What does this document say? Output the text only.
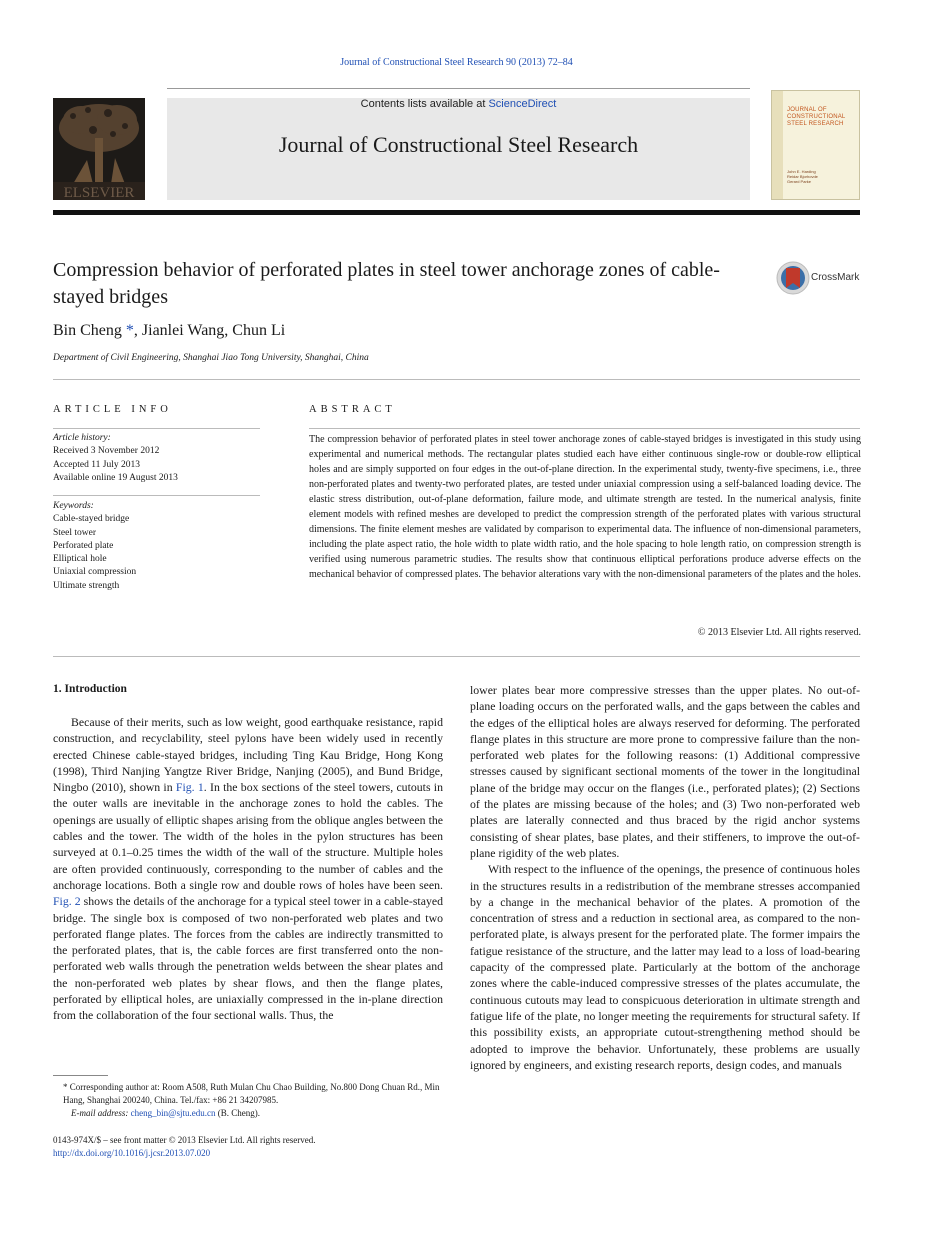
Journal of Constructional Steel Research 90 (2013) 72–84
ELSEVIER
Contents lists available at ScienceDirect
Journal of Constructional Steel Research
JOURNAL OF
CONSTRUCTIONAL
STEEL RESEARCH
John E. Harding
Reidar Bjorhovde
Gerard Parke
Compression behavior of perforated plates in steel tower anchorage zones of cable-stayed bridges
CrossMark
Bin Cheng *, Jianlei Wang, Chun Li
Department of Civil Engineering, Shanghai Jiao Tong University, Shanghai, China
ARTICLE INFO
Article history:
Received 3 November 2012
Accepted 11 July 2013
Available online 19 August 2013
Keywords:
Cable-stayed bridge
Steel tower
Perforated plate
Elliptical hole
Uniaxial compression
Ultimate strength
ABSTRACT
The compression behavior of perforated plates in steel tower anchorage zones of cable-stayed bridges is investigated in this study using experimental and numerical methods. The rectangular plates studied each have either continuous single-row or double-row elliptical holes and are simply supported on four edges in the out-of-plane direction. In the experimental study, twenty-five specimens, i.e., three non-perforated plates and twenty-two perforated plates, are tested under uniaxial compression using a self-balanced loading device. The elastic stress distribution, out-of-plane deformation, failure mode, and ultimate strength are tested. In the numerical analysis, finite element models with refined meshes are developed to predict the compression strength of the perforated plates with various structural dimensions. The finite element meshes are validated by comparison to experimental data. The influence of non-dimensional parameters, including the plate aspect ratio, the hole width to plate width ratio, and the hole spacing to hole length ratio, on compression strength is verified using numerous parametric studies. The results show that continuous elliptical perforations produce adverse effects on the mechanical behavior of compressed plates. The behavior alterations vary with the non-dimensional parameters of the plates and the holes.
© 2013 Elsevier Ltd. All rights reserved.
1. Introduction

Because of their merits, such as low weight, good earthquake resistance, rapid construction, and recyclability, steel pylons have been widely used in recently erected Chinese cable-stayed bridges, including Ting Kau Bridge, Hong Kong (1998), Third Nanjing Yangtze River Bridge, Nanjing (2005), and Bund Bridge, Ningbo (2010), shown in Fig. 1. In the box sections of the steel towers, cutouts in the outer walls are inevitable in the anchorage zones to hold the cables. The openings are usually of elliptic shapes arising from the oblique angles between the cables and the tower. The width of the holes in the pylon structures has been surveyed at 0.1–0.25 times the width of the wall of the structure. Multiple holes are often provided continuously, corresponding to the number of cables and the anchorage locations. Both a single row and double rows of holes have been seen. Fig. 2 shows the details of the anchorage for a typical steel tower in a cable-stayed bridge. The single box is composed of two non-perforated web plates and two perforated flange plates. The forces from the cables are indirectly transmitted to the perforated plates, that is, the cable forces are first transferred onto the non-perforated web walls through the penetration welds between the shear plates and the non-perforated web plates by shear flows, and then the flange plates, perforated by elliptical holes, are uniaxially compressed in the in-plane direction from the collaboration of the four sectional walls. Thus, the

lower plates bear more compressive stresses than the upper plates. No out-of-plane loading occurs on the perforated walls, and the gaps between the cables and the edges of the elliptical holes are always reserved for deforming. The perforated flange plates in this structure are more prone to compressive failure than the non-perforated web plates for the following reasons: (1) Additional compressive stresses caused by significant sectional moments of the tower in the longitudinal plane of the bridge may occur on the flanges (i.e., perforated plates); (2) Sections of the plates are missing because of the holes; and (3) Two non-perforated web plates are laterally connected and thus braced by the rigid anchor systems consisting of shear plates, base plates, and their stiffeners, to improve the out-of-plane rigidity of the web plates.

With respect to the influence of the openings, the presence of continuous holes in the structures results in a redistribution of the membrane stresses accompanied by a change in the mechanical behavior of the plates. A promotion of the concentration of stress and a reduction in sectional area, as compared to the non-perforated plate, is always present for the perforated plate. The former impairs the fatigue resistance of the structure, and the latter may lead to a loss of load-bearing capacity of the compressed plate. Particularly at the bottom of the anchorage zones where the cable-induced compressive stresses of the plates accumulate, the continuous cutouts may lead to conspicuous deterioration in ultimate strength and fatigue life of the plate, no longer meeting the requirements for structural safety. If this possibility exists, an appropriate cutout-strengthening method should be adopted to improve the behavior. Unfortunately, these problems are usually ignored by engineers, and existing research reports, design codes, and manuals

* Corresponding author at: Room A508, Ruth Mulan Chu Chao Building, No.800 Dong Chuan Rd., Min Hang, Shanghai 200240, China. Tel./fax: +86 21 34207985.
E-mail address: cheng_bin@sjtu.edu.cn (B. Cheng).
0143-974X/$ – see front matter © 2013 Elsevier Ltd. All rights reserved.
http://dx.doi.org/10.1016/j.jcsr.2013.07.020
